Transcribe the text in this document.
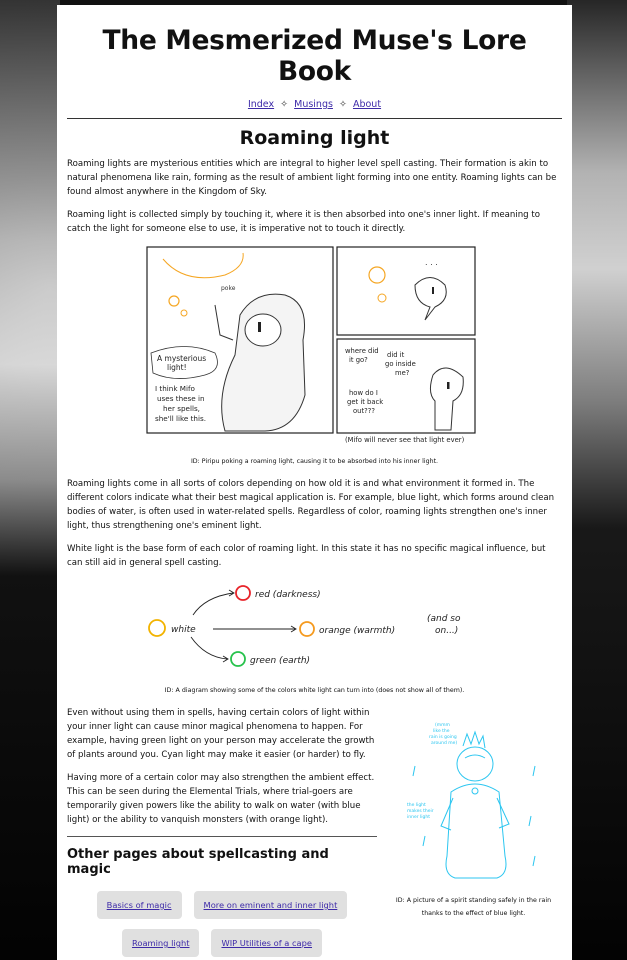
The Mesmerized Muse's Lore Book
Index ✧ Musings ✧ About
Roaming light

Roaming lights are mysterious entities which are integral to higher level spell casting. Their formation is akin to natural phenomena like rain, forming as the result of ambient light forming into one entity. Roaming lights can be found almost anywhere in the Kingdom of Sky.

Roaming light is collected simply by touching it, where it is then absorbed into one's inner light. If meaning to catch the light for someone else to use, it is imperative not to touch it directly.

poke
A mysterious
light!
I think Mifo
uses these in
her spells,
she'll like this.
. . .
where did
it go?
did it
go inside
me?
how do I
get it back
out???
(Mifo will never see that light ever)
ID: Piripu poking a roaming light, causing it to be absorbed into his inner light.

Roaming lights come in all sorts of colors depending on how old it is and what environment it formed in. The different colors indicate what their best magical application is. For example, blue light, which forms around clean bodies of water, is often used in water-related spells. Regardless of color, roaming lights strengthen one's inner light, thus strengthening one's eminent light.

White light is the base form of each color of roaming light. In this state it has no specific magical influence, but can still aid in general spell casting.

white
red (darkness)
orange (warmth)
green (earth)
(and so
on...)
ID: A diagram showing some of the colors white light can turn into (does not show all of them).

Even without using them in spells, having certain colors of light within your inner light can cause minor magical phenomena to happen. For example, having green light on your person may accelerate the growth of plants around you. Cyan light may make it easier (or harder) to fly.

Having more of a certain color may also strengthen the ambient effect. This can be seen during the Elemental Trials, where trial-goers are temporarily given powers like the ability to walk on water (with blue light) or the ability to vanquish monsters (with orange light).

Other pages about spellcasting and magic
Basics of magic	More on eminent and inner light
Roaming light	WIP Utilities of a cape
(mmm
like the
rain is going
around me)
the light
makes their
inner light
ID: A picture of a spirit standing safely in the rain thanks to the effect of blue light.
